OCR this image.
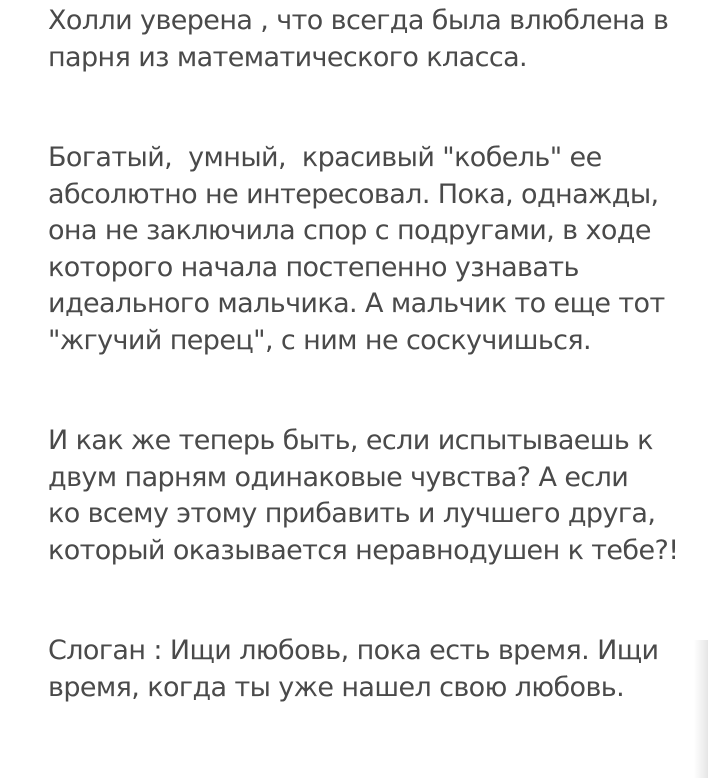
Холли уверена , что всегда была влюблена в
парня из математического класса.
Богатый,  умный,  красивый "кобель" ее
абсолютно не интересовал. Пока, однажды,
она не заключила спор с подругами, в ходе
которого начала постепенно узнавать
идеального мальчика. А мальчик то еще тот
"жгучий перец", с ним не соскучишься.
И как же теперь быть, если испытываешь к
двум парням одинаковые чувства? А если
ко всему этому прибавить и лучшего друга,
который оказывается неравнодушен к тебе?!
Слоган : Ищи любовь, пока есть время. Ищи
время, когда ты уже нашел свою любовь.
